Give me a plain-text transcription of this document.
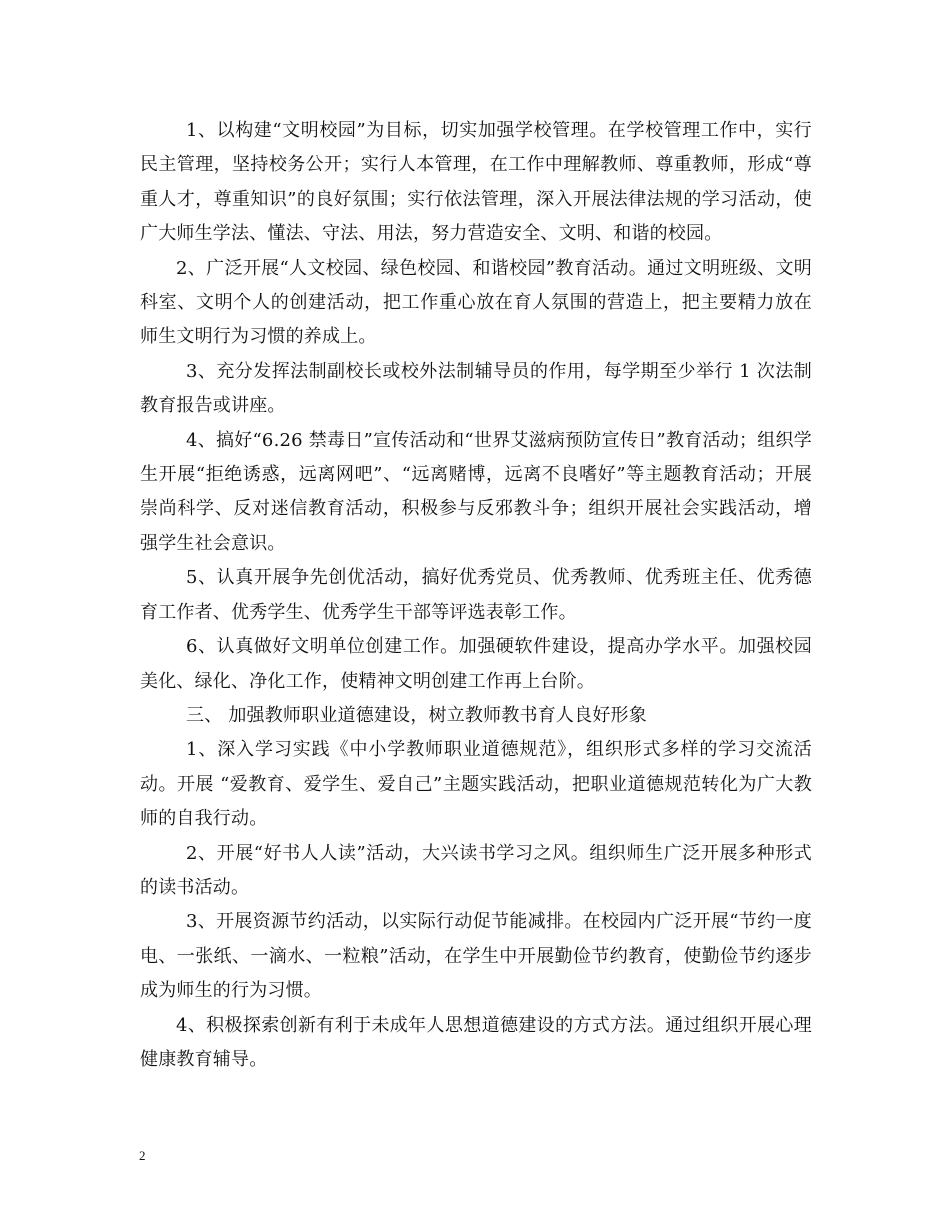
1、以构建“文明校园”为目标，切实加强学校管理。在学校管理工作中，实行民主管理，坚持校务公开；实行人本管理，在工作中理解教师、尊重教师，形成“尊重人才，尊重知识”的良好氛围；实行依法管理，深入开展法律法规的学习活动，使广大师生学法、懂法、守法、用法，努力营造安全、文明、和谐的校园。

2、广泛开展“人文校园、绿色校园、和谐校园”教育活动。通过文明班级、文明科室、文明个人的创建活动，把工作重心放在育人氛围的营造上，把主要精力放在师生文明行为习惯的养成上。

3、充分发挥法制副校长或校外法制辅导员的作用，每学期至少举行 1 次法制教育报告或讲座。

4、搞好“6.26 禁毒日”宣传活动和“世界艾滋病预防宣传日”教育活动；组织学生开展“拒绝诱惑，远离网吧”、“远离赌博，远离不良嗜好”等主题教育活动；开展崇尚科学、反对迷信教育活动，积极参与反邪教斗争；组织开展社会实践活动，增强学生社会意识。

5、认真开展争先创优活动，搞好优秀党员、优秀教师、优秀班主任、优秀德育工作者、优秀学生、优秀学生干部等评选表彰工作。

6、认真做好文明单位创建工作。加强硬软件建设，提高办学水平。加强校园美化、绿化、净化工作，使精神文明创建工作再上台阶。

三、 加强教师职业道德建设，树立教师教书育人良好形象

1、深入学习实践《中小学教师职业道德规范》，组织形式多样的学习交流活动。开展 “爱教育、爱学生、爱自己”主题实践活动，把职业道德规范转化为广大教师的自我行动。

2、开展“好书人人读”活动，大兴读书学习之风。组织师生广泛开展多种形式的读书活动。

3、开展资源节约活动，以实际行动促节能减排。在校园内广泛开展“节约一度电、一张纸、一滴水、一粒粮”活动，在学生中开展勤俭节约教育，使勤俭节约逐步成为师生的行为习惯。

4、积极探索创新有利于未成年人思想道德建设的方式方法。通过组织开展心理健康教育辅导。

2
